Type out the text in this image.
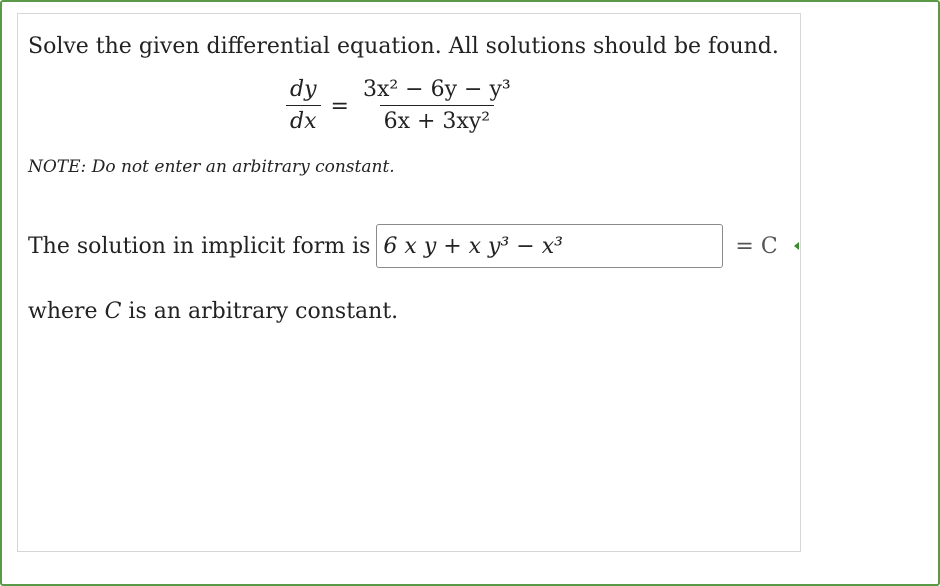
Solve the given differential equation. All solutions should be found.
$\frac{dy}{dx} = \frac{\text{3x² − 6y − y³}}{\text{6x + 3xy²}}$
NOTE: Do not enter an arbitrary constant.
The solution in implicit form is 6 x y + x y³ − x³	= C
where C is an arbitrary constant.
